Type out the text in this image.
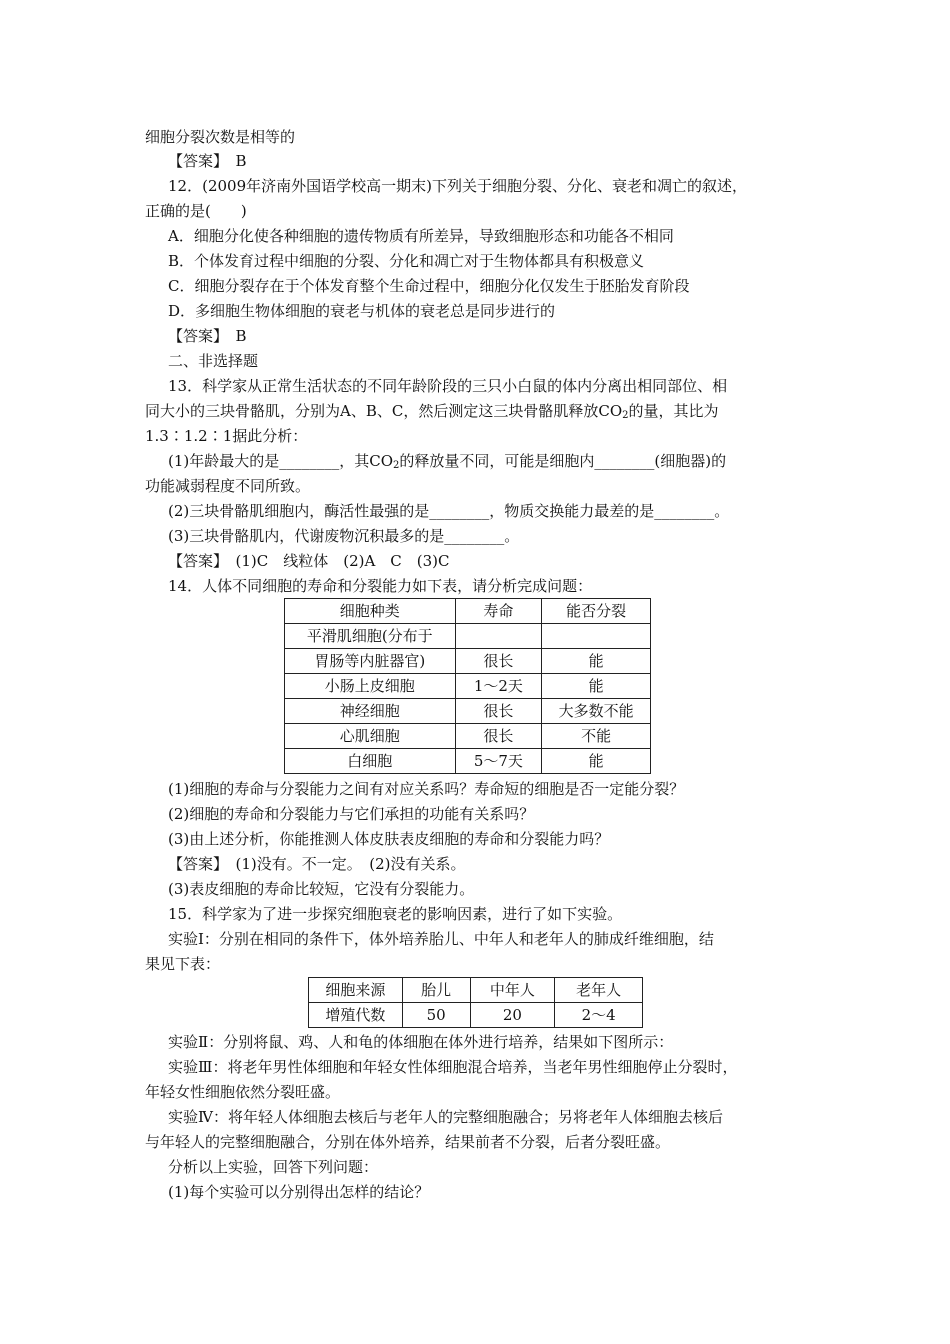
细胞分裂次数是相等的
【答案】　B
12．(2009年济南外国语学校高一期末)下列关于细胞分裂、分化、衰老和凋亡的叙述，
正确的是(　　)
A．细胞分化使各种细胞的遗传物质有所差异，导致细胞形态和功能各不相同
B．个体发育过程中细胞的分裂、分化和凋亡对于生物体都具有积极意义
C．细胞分裂存在于个体发育整个生命过程中，细胞分化仅发生于胚胎发育阶段
D．多细胞生物体细胞的衰老与机体的衰老总是同步进行的
【答案】　B
二、非选择题
13．科学家从正常生活状态的不同年龄阶段的三只小白鼠的体内分离出相同部位、相
同大小的三块骨骼肌，分别为A、B、C，然后测定这三块骨骼肌释放$CO_2$的量，其比为
1.3∶1.2∶1据此分析：
(1)年龄最大的是________，其$CO_2$的释放量不同，可能是细胞内________(细胞器)的
功能减弱程度不同所致。
(2)三块骨骼肌细胞内，酶活性最强的是________，物质交换能力最差的是________。
(3)三块骨骼肌内，代谢废物沉积最多的是________。
【答案】　(1)C　线粒体　(2)A　C　(3)C
14．人体不同细胞的寿命和分裂能力如下表，请分析完成问题：
细胞种类	寿命	能否分裂
平滑肌细胞(分布于		
胃肠等内脏器官)	很长	能
小肠上皮细胞	1～2天	能
神经细胞	很长	大多数不能
心肌细胞	很长	不能
白细胞	5～7天	能
(1)细胞的寿命与分裂能力之间有对应关系吗？寿命短的细胞是否一定能分裂？
(2)细胞的寿命和分裂能力与它们承担的功能有关系吗？
(3)由上述分析，你能推测人体皮肤表皮细胞的寿命和分裂能力吗？
【答案】　(1)没有。不一定。　(2)没有关系。
(3)表皮细胞的寿命比较短，它没有分裂能力。
15．科学家为了进一步探究细胞衰老的影响因素，进行了如下实验。
实验Ⅰ：分别在相同的条件下，体外培养胎儿、中年人和老年人的肺成纤维细胞，结
果见下表：
细胞来源	胎儿	中年人	老年人
增殖代数	50	20	2～4
实验Ⅱ：分别将鼠、鸡、人和龟的体细胞在体外进行培养，结果如下图所示：
实验Ⅲ：将老年男性体细胞和年轻女性体细胞混合培养，当老年男性细胞停止分裂时，
年轻女性细胞依然分裂旺盛。
实验Ⅳ：将年轻人体细胞去核后与老年人的完整细胞融合；另将老年人体细胞去核后
与年轻人的完整细胞融合，分别在体外培养，结果前者不分裂，后者分裂旺盛。
分析以上实验，回答下列问题：
(1)每个实验可以分别得出怎样的结论？
